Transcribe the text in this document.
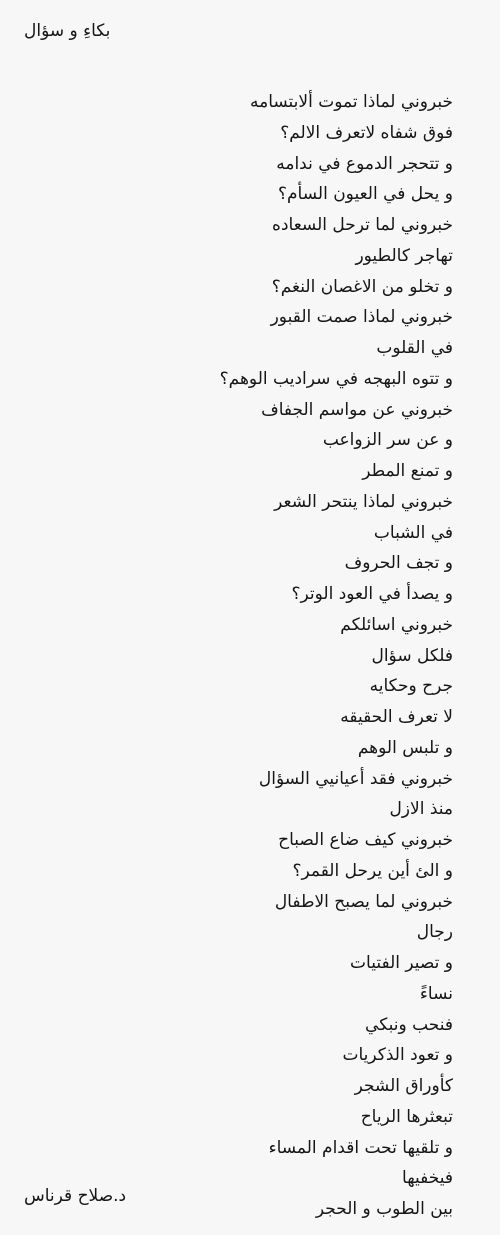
بكاءِ و سؤال
خبروني لماذا تموت ألابتسامه
فوق شفاه لاتعرف الالم؟
و تتحجر الدموع في ندامه
و يحل في العيون السأم؟
خبروني لما ترحل السعاده
تهاجر كالطيور
و تخلو من الاغصان النغم؟
خبروني لماذا صمت القبور
في القلوب
و تتوه البهجه في سراديب الوهم؟
خبروني عن مواسم الجفاف
و عن سر الزواعب
و تمنع المطر
خبروني لماذا ينتحر الشعر
في الشباب
و تجف الحروف
و يصدأ في العود الوتر؟
خبروني اسائلكم
فلكل سؤال
جرح وحكايه
لا تعرف الحقيقه
و تلبس الوهم
خبروني فقد أعيانيي السؤال
منذ الازل
خبروني كيف ضاع الصباح
و الئ أين يرحل القمر؟
خبروني لما يصبح الاطفال
رجال
و تصير الفتيات
نساءً
فنحب ونبكي
و تعود الذكريات
كأوراق الشجر
تبعثرها الرياح
و تلقيها تحت اقدام المساء
فيخفيها
بين الطوب و الحجر
د.صلاح قرناس
